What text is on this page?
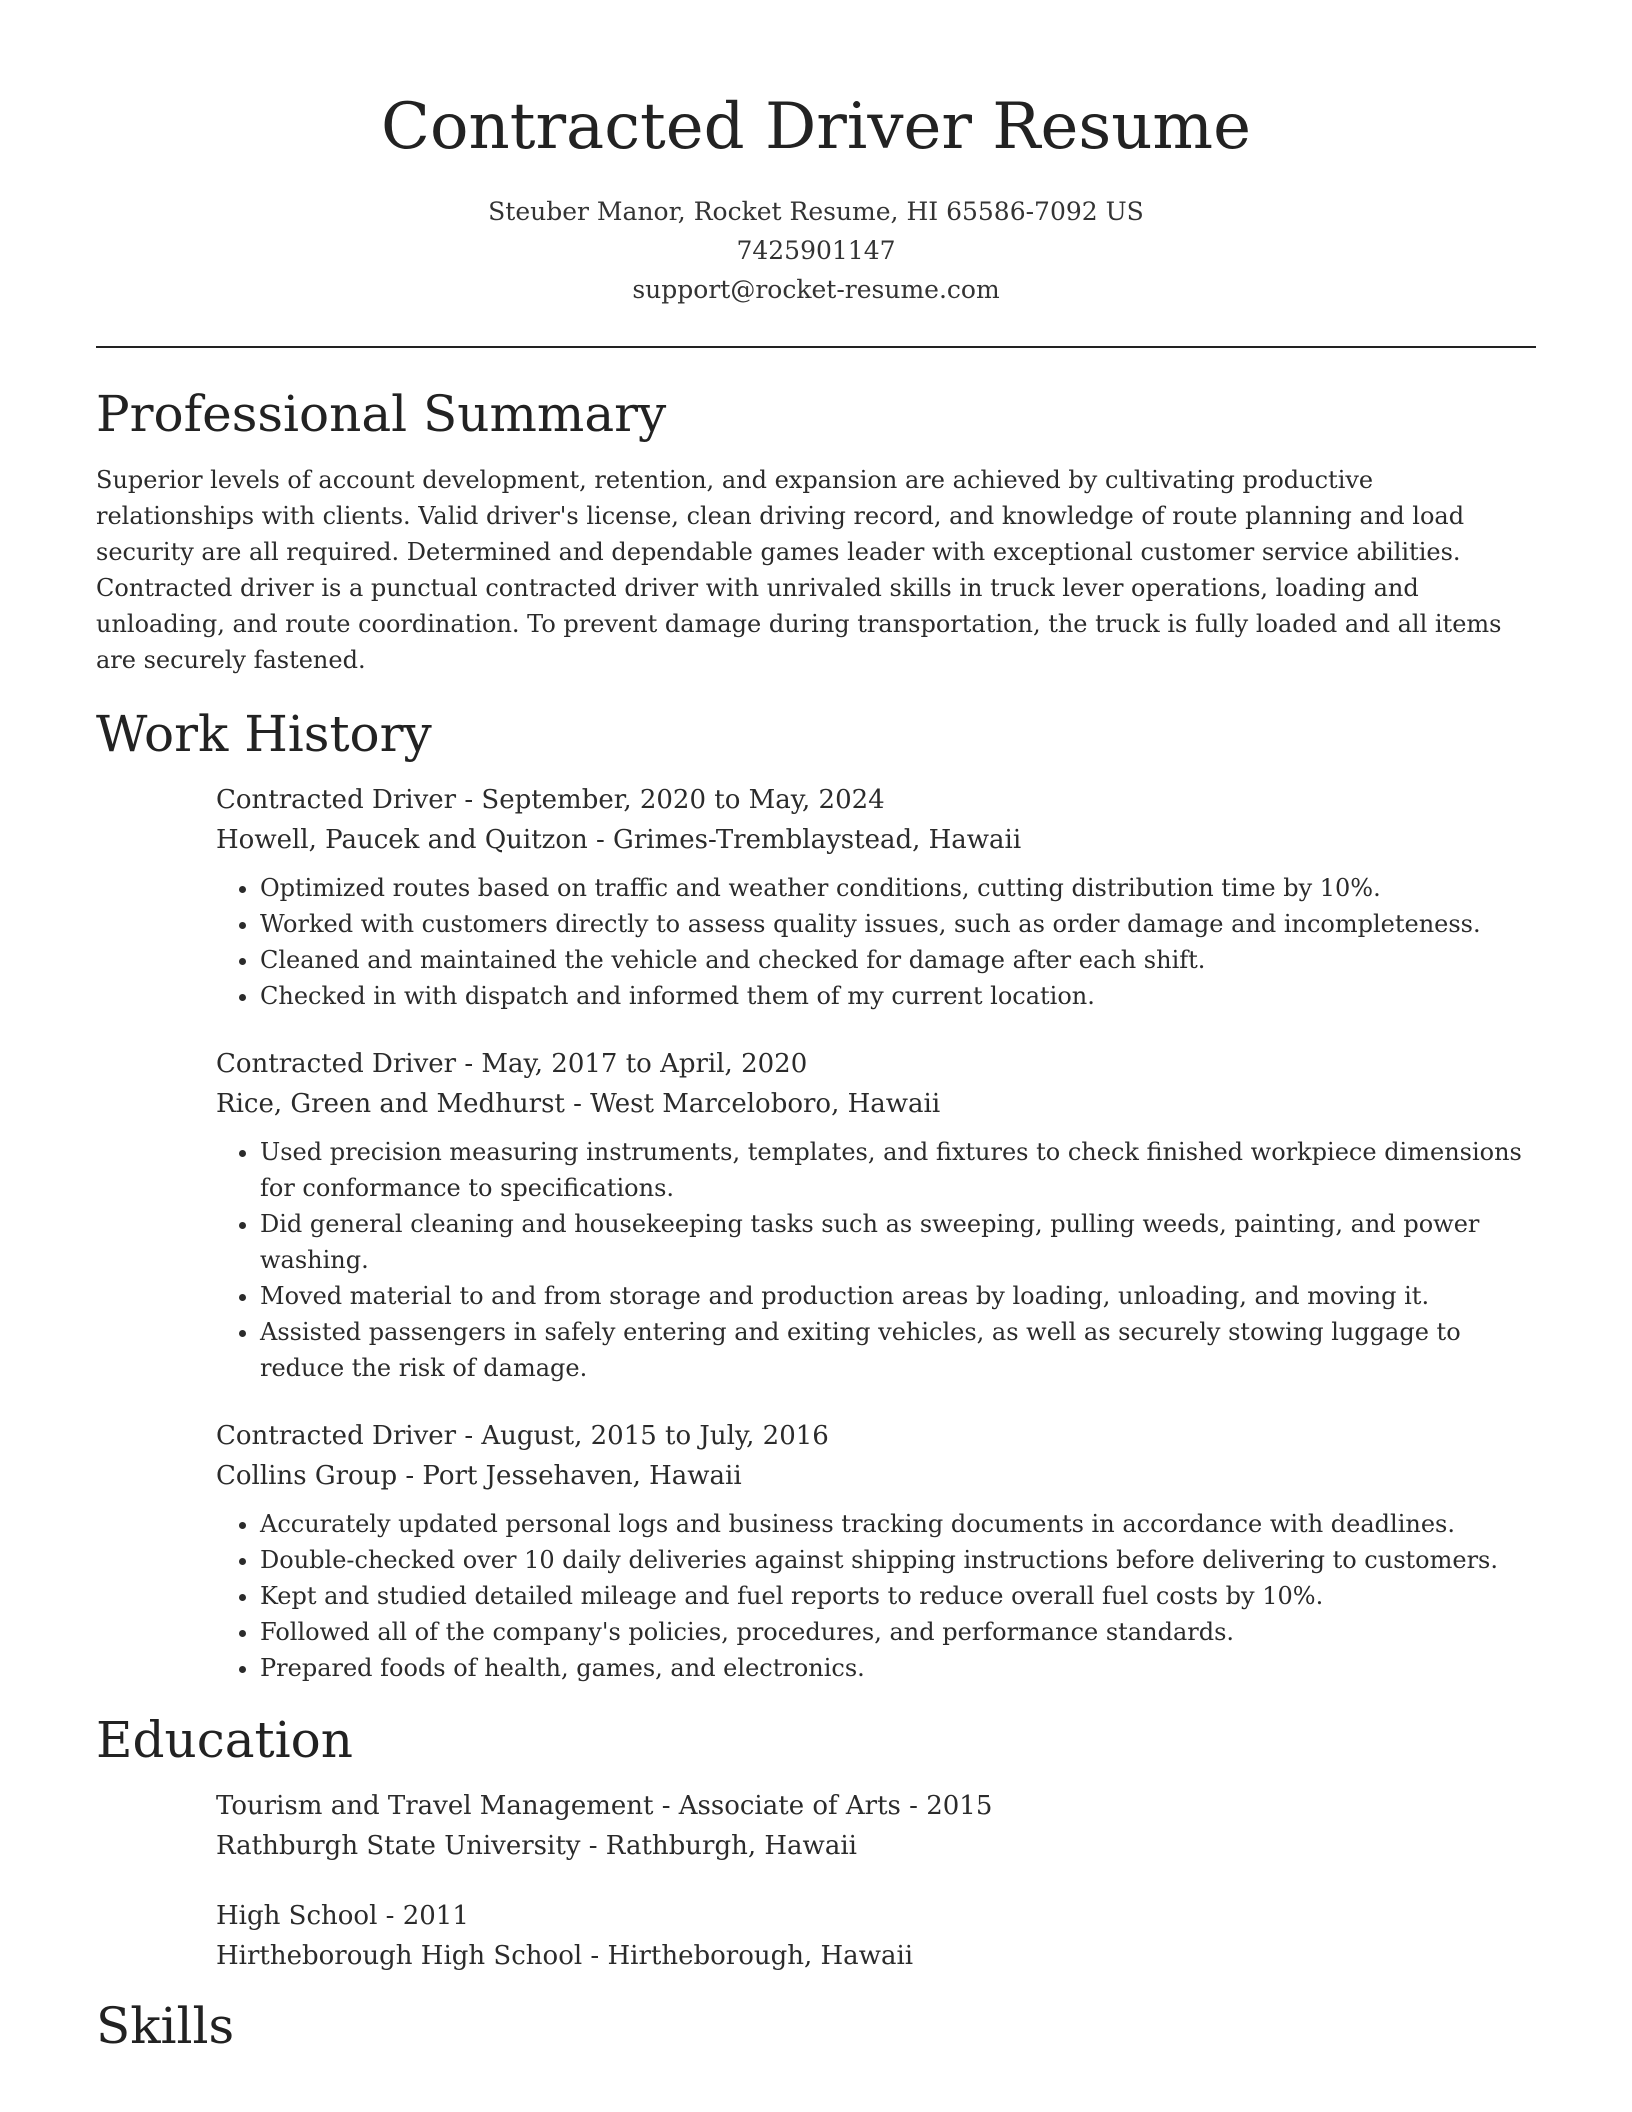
Contracted Driver Resume
Steuber Manor, Rocket Resume, HI 65586-7092 US
7425901147
support@rocket-resume.com
Professional Summary

Superior levels of account development, retention, and expansion are achieved by cultivating productive relationships with clients. Valid driver's license, clean driving record, and knowledge of route planning and load security are all required. Determined and dependable games leader with exceptional customer service abilities. Contracted driver is a punctual contracted driver with unrivaled skills in truck lever operations, loading and unloading, and route coordination. To prevent damage during transportation, the truck is fully loaded and all items are securely fastened.

Work History

Contracted Driver - September, 2020 to May, 2024

Howell, Paucek and Quitzon - Grimes-Tremblaystead, Hawaii

• Optimized routes based on traffic and weather conditions, cutting distribution time by 10%.
• Worked with customers directly to assess quality issues, such as order damage and incompleteness.
• Cleaned and maintained the vehicle and checked for damage after each shift.
• Checked in with dispatch and informed them of my current location.

Contracted Driver - May, 2017 to April, 2020

Rice, Green and Medhurst - West Marceloboro, Hawaii

• Used precision measuring instruments, templates, and fixtures to check finished workpiece dimensions for conformance to specifications.
• Did general cleaning and housekeeping tasks such as sweeping, pulling weeds, painting, and power washing.
• Moved material to and from storage and production areas by loading, unloading, and moving it.
• Assisted passengers in safely entering and exiting vehicles, as well as securely stowing luggage to reduce the risk of damage.

Contracted Driver - August, 2015 to July, 2016

Collins Group - Port Jessehaven, Hawaii

• Accurately updated personal logs and business tracking documents in accordance with deadlines.
• Double-checked over 10 daily deliveries against shipping instructions before delivering to customers.
• Kept and studied detailed mileage and fuel reports to reduce overall fuel costs by 10%.
• Followed all of the company's policies, procedures, and performance standards.
• Prepared foods of health, games, and electronics.
Education

Tourism and Travel Management - Associate of Arts - 2015

Rathburgh State University - Rathburgh, Hawaii

High School - 2011

Hirtheborough High School - Hirtheborough, Hawaii

Skills
